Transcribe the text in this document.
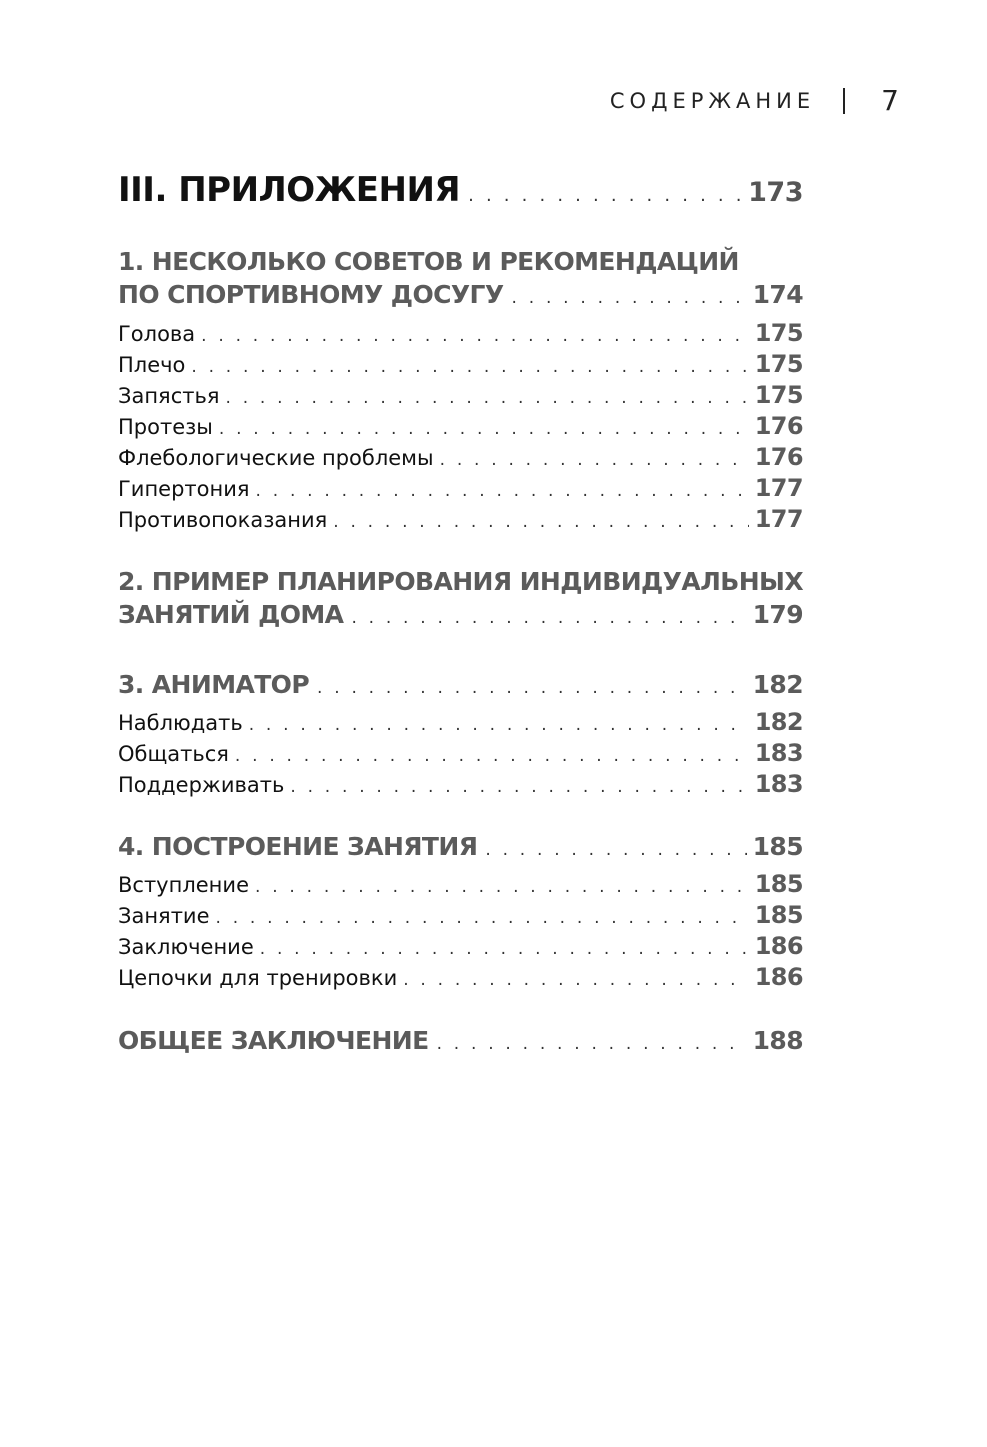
СОДЕРЖАНИЕ 7
III. ПРИЛОЖЕНИЯ . . .	173
1. НЕСКОЛЬКО СОВЕТОВ И РЕКОМЕНДАЦИЙ
ПО СПОРТИВНОМУ ДОСУГУ . . .	174
Голова . . .	175
Плечо . . .	175
Запястья . . .	175
Протезы . . .	176
Флебологические проблемы . . .	176
Гипертония . . .	177
Противопоказания . . .	177
2. ПРИМЕР ПЛАНИРОВАНИЯ ИНДИВИДУАЛЬНЫХ
ЗАНЯТИЙ ДОМА . . .	179
3. АНИМАТОР . . .	182
Наблюдать . . .	182
Общаться . . .	183
Поддерживать . . .	183
4. ПОСТРОЕНИЕ ЗАНЯТИЯ . . .	185
Вступление . . .	185
Занятие . . .	185
Заключение . . .	186
Цепочки для тренировки . . .	186
ОБЩЕЕ ЗАКЛЮЧЕНИЕ . . .	188
